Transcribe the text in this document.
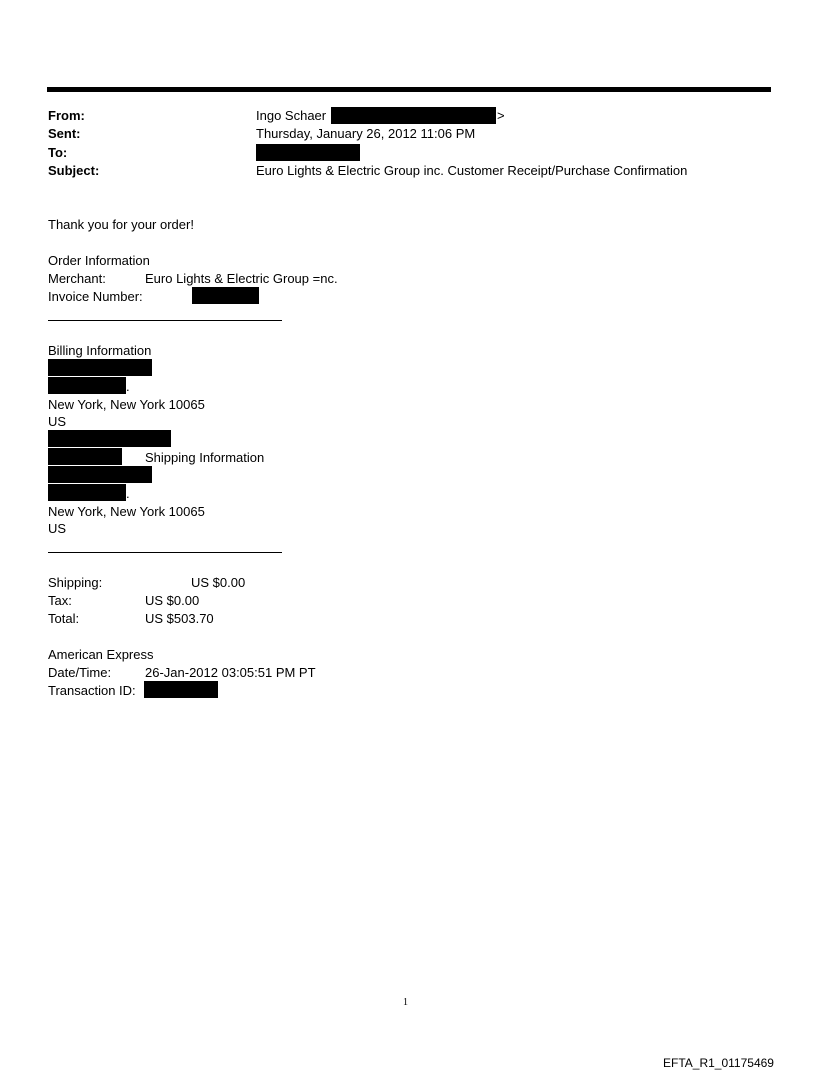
From:	Ingo Schaer	>
Sent:	Thursday, January 26, 2012 11:06 PM
To:
Subject:	Euro Lights & Electric Group inc. Customer Receipt/Purchase Confirmation
Thank you for your order!
Order Information
Merchant:	Euro Lights & Electric Group =nc.
Invoice Number:
Billing Information
.
New York, New York 10065
US
Shipping Information
.
New York, New York 10065
US
Shipping:	US $0.00
Tax:	US $0.00
Total:	US $503.70
American Express
Date/Time:	26-Jan-2012 03:05:51 PM PT
Transaction ID:
1
EFTA_R1_01175469
